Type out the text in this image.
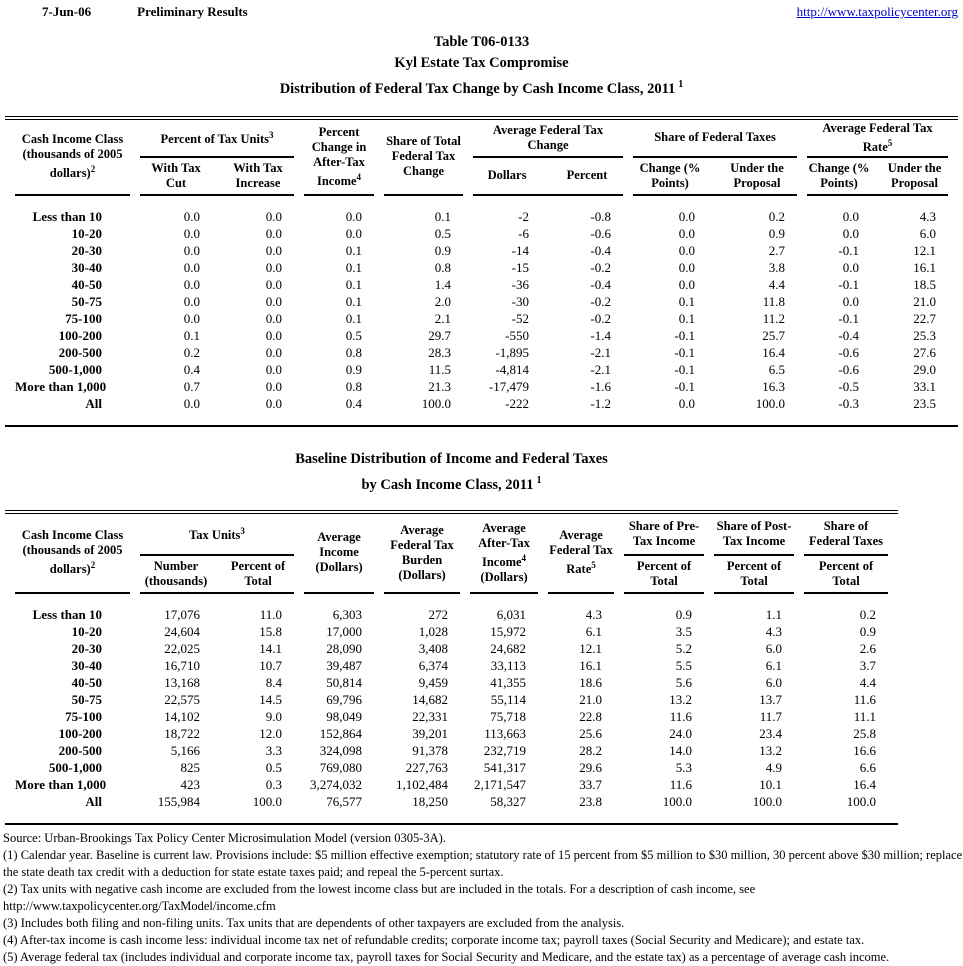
7-Jun-06	Preliminary Results	http://www.taxpolicycenter.org
Table T06-0133
Kyl Estate Tax Compromise
Distribution of Federal Tax Change by Cash Income Class, 2011 $^1$
Cash Income Class (thousands of 2005 dollars)$^2$	Percent of Tax Units$^3$		Percent Change in After-Tax Income$^4$	Share of Total Federal Tax Change	Average Federal Tax Change		Share of Federal Taxes		Average Federal Tax Rate$^5$
	With Tax Cut	With Tax Increase			Dollars	Percent	Change (% Points)	Under the Proposal	Change (% Points)	Under the Proposal

Less than 10	0.0	0.0	0.0	0.1	-2	-0.8	0.0	0.2	0.0	4.3
10-20	0.0	0.0	0.0	0.5	-6	-0.6	0.0	0.9	0.0	6.0
20-30	0.0	0.0	0.1	0.9	-14	-0.4	0.0	2.7	-0.1	12.1
30-40	0.0	0.0	0.1	0.8	-15	-0.2	0.0	3.8	0.0	16.1
40-50	0.0	0.0	0.1	1.4	-36	-0.4	0.0	4.4	-0.1	18.5
50-75	0.0	0.0	0.1	2.0	-30	-0.2	0.1	11.8	0.0	21.0
75-100	0.0	0.0	0.1	2.1	-52	-0.2	0.1	11.2	-0.1	22.7
100-200	0.1	0.0	0.5	29.7	-550	-1.4	-0.1	25.7	-0.4	25.3
200-500	0.2	0.0	0.8	28.3	-1,895	-2.1	-0.1	16.4	-0.6	27.6
500-1,000	0.4	0.0	0.9	11.5	-4,814	-2.1	-0.1	6.5	-0.6	29.0
More than 1,000	0.7	0.0	0.8	21.3	-17,479	-1.6	-0.1	16.3	-0.5	33.1
All	0.0	0.0	0.4	100.0	-222	-1.2	0.0	100.0	-0.3	23.5

Baseline Distribution of Income and Federal Taxes
by Cash Income Class, 2011 $^1$
Cash Income Class (thousands of 2005 dollars)$^2$	Tax Units$^3$		Average Income (Dollars)	Average Federal Tax Burden (Dollars)	Average After-Tax Income$^4$ (Dollars)	Average Federal Tax Rate$^5$	Share of Pre-Tax Income	Share of Post-Tax Income	Share of Federal Taxes
	Number (thousands)	Percent of Total					Percent of Total	Percent of Total	Percent of Total

Less than 10	17,076	11.0	6,303	272	6,031	4.3	0.9	1.1	0.2
10-20	24,604	15.8	17,000	1,028	15,972	6.1	3.5	4.3	0.9
20-30	22,025	14.1	28,090	3,408	24,682	12.1	5.2	6.0	2.6
30-40	16,710	10.7	39,487	6,374	33,113	16.1	5.5	6.1	3.7
40-50	13,168	8.4	50,814	9,459	41,355	18.6	5.6	6.0	4.4
50-75	22,575	14.5	69,796	14,682	55,114	21.0	13.2	13.7	11.6
75-100	14,102	9.0	98,049	22,331	75,718	22.8	11.6	11.7	11.1
100-200	18,722	12.0	152,864	39,201	113,663	25.6	24.0	23.4	25.8
200-500	5,166	3.3	324,098	91,378	232,719	28.2	14.0	13.2	16.6
500-1,000	825	0.5	769,080	227,763	541,317	29.6	5.3	4.9	6.6
More than 1,000	423	0.3	3,274,032	1,102,484	2,171,547	33.7	11.6	10.1	16.4
All	155,984	100.0	76,577	18,250	58,327	23.8	100.0	100.0	100.0

Source: Urban-Brookings Tax Policy Center Microsimulation Model (version 0305-3A).
(1) Calendar year. Baseline is current law. Provisions include: $5 million effective exemption; statutory rate of 15 percent from $5 million to $30 million, 30 percent above $30 million; replace the state death tax credit with a deduction for state estate taxes paid; and repeal the 5-percent surtax.
(2) Tax units with negative cash income are excluded from the lowest income class but are included in the totals. For a description of cash income, see
http://www.taxpolicycenter.org/TaxModel/income.cfm
(3) Includes both filing and non-filing units. Tax units that are dependents of other taxpayers are excluded from the analysis.
(4) After-tax income is cash income less: individual income tax net of refundable credits; corporate income tax; payroll taxes (Social Security and Medicare); and estate tax.
(5) Average federal tax (includes individual and corporate income tax, payroll taxes for Social Security and Medicare, and the estate tax) as a percentage of average cash income.
